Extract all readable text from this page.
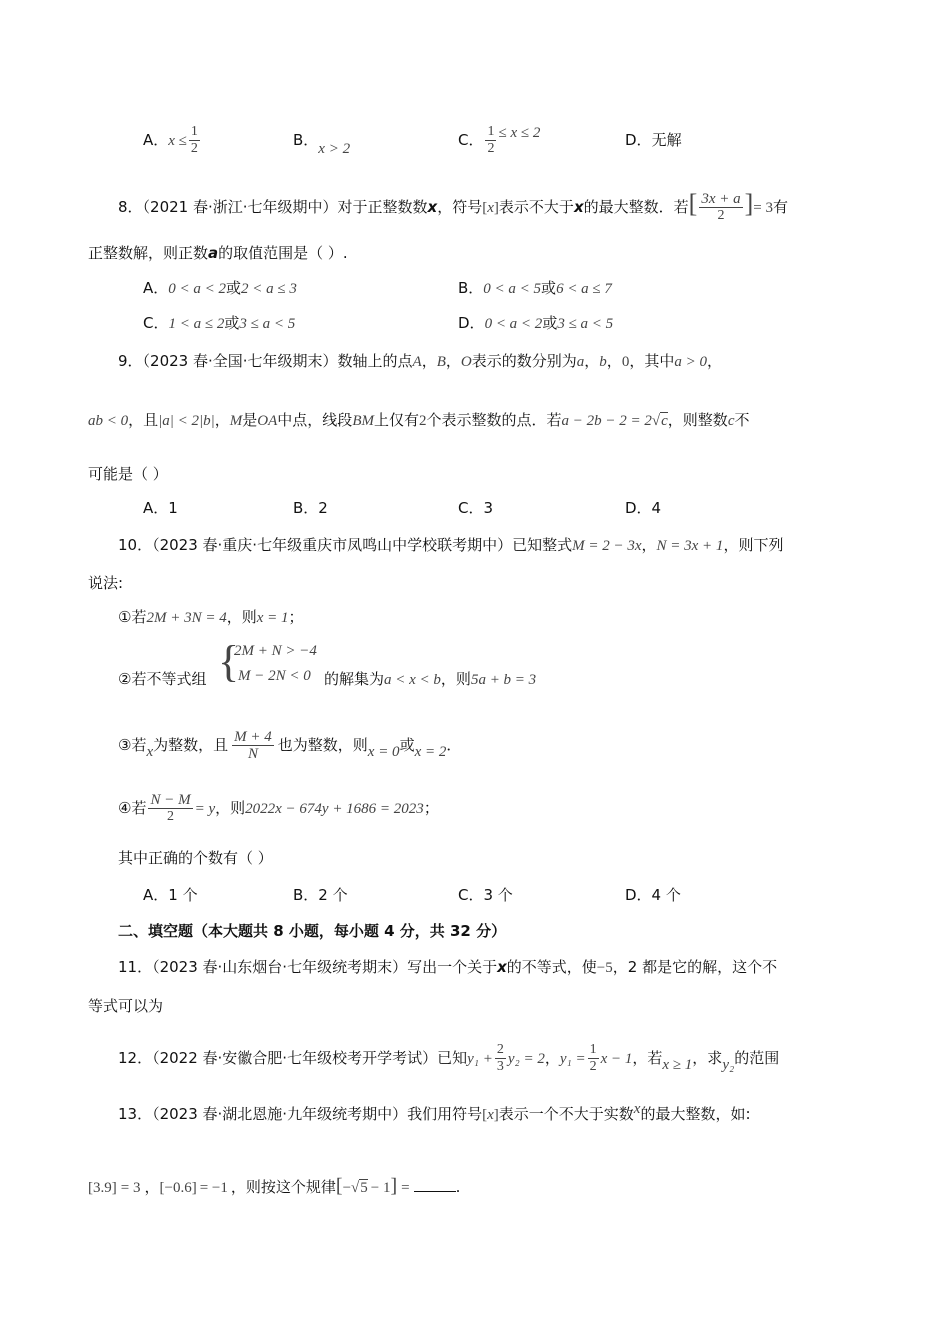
A．$x \le \frac{1}{2}$	B．x > 2	C． $\frac{1}{2} \le x \le 2$	D．无解
8．（2021 春·浙江·七年级期中）对于正整数数x，符号[x]表示不大于x的最大整数．若[ $\frac{3x + a}{2}$ ]= 3有
正整数解，则正数a的取值范围是（ ）.
A．0 < a < 2或2 < a ≤ 3	B．0 < a < 5或6 < a ≤ 7
C．1 < a ≤ 2或3 ≤ a < 5	D．0 < a < 2或3 ≤ a < 5
9．（2023 春·全国·七年级期末）数轴上的点A，B，O表示的数分别为a，b，0，其中a > 0，
ab < 0，且|a| < 2|b|，M是OA中点，线段BM上仅有2个表示整数的点．若a − 2b − 2 = 2√c，则整数c不
可能是（ ）
A．1	B．2	C．3	D．4
10．（2023 春·重庆·七年级重庆市凤鸣山中学校联考期中）已知整式M = 2 − 3x，N = 3x + 1，则下列
说法:
①若2M + 3N = 4，则x = 1；
{
2M + N > −4
M − 2N < 0
②若不等式组	的解集为a < x < b，则5a + b = 3
③若x为整数，且 $\frac{M + 4}{N}$ 也为整数，则x = 0或x = 2．
④若 $\frac{N - M}{2} = y$，则2022x − 674y + 1686 = 2023；
其中正确的个数有（ ）
A．1 个	B．2 个	C．3 个	D．4 个
二、填空题（本大题共 8 小题，每小题 4 分，共 32 分）
11．（2023 春·山东烟台·七年级统考期末）写出一个关于x的不等式，使−5，2 都是它的解，这个不
等式可以为
12．（2022 春·安徽合肥·七年级校考开学考试）已知$y_1 + \frac{2}{3} y_2 = 2$，$y_1 = \frac{1}{2}$ x − 1，若x ≥ 1，求y₂的范围
13．（2023 春·湖北恩施·九年级统考期中）我们用符号[x]表示一个不大于实数x的最大整数，如:
[3.9] = 3 ，[−0.6] = −1 ，则按这个规律[−√5 − 1] =	.
